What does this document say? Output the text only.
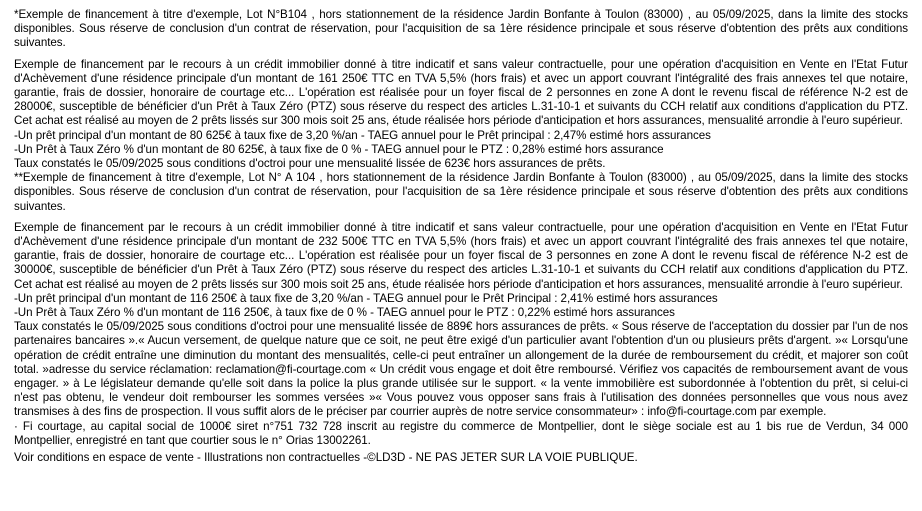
*Exemple de financement à titre d'exemple, Lot N°B104 , hors stationnement de la résidence Jardin Bonfante à Toulon (83000) , au 05/09/2025, dans la limite des stocks disponibles. Sous réserve de conclusion d'un contrat de réservation, pour l'acquisition de sa 1ère résidence principale et sous réserve d'obtention des prêts aux conditions suivantes.

Exemple de financement par le recours à un crédit immobilier donné à titre indicatif et sans valeur contractuelle, pour une opération d'acquisition en Vente en l'Etat Futur d'Achèvement d'une résidence principale d'un montant de 161 250€ TTC en TVA 5,5% (hors frais) et avec un apport couvrant l'intégralité des frais annexes tel que notaire, garantie, frais de dossier, honoraire de courtage etc... L'opération est réalisée pour un foyer fiscal de 2 personnes en zone A dont le revenu fiscal de référence N-2 est de 28000€, susceptible de bénéficier d'un Prêt à Taux Zéro (PTZ) sous réserve du respect des articles L.31-10-1 et suivants du CCH relatif aux conditions d'application du PTZ. Cet achat est réalisé au moyen de 2 prêts lissés sur 300 mois soit 25 ans, étude réalisée hors période d'anticipation et hors assurances, mensualité arrondie à l'euro supérieur.

-Un prêt principal d'un montant de 80 625€ à taux fixe de 3,20 %/an - TAEG annuel pour le Prêt principal : 2,47% estimé hors assurances

-Un Prêt à Taux Zéro % d'un montant de 80 625€, à taux fixe de 0 % - TAEG annuel pour le PTZ : 0,28% estimé hors assurance

Taux constatés le 05/09/2025 sous conditions d'octroi pour une mensualité lissée de 623€ hors assurances de prêts.

**Exemple de financement à titre d'exemple, Lot N° A 104 , hors stationnement de la résidence Jardin Bonfante à Toulon (83000) , au 05/09/2025, dans la limite des stocks disponibles. Sous réserve de conclusion d'un contrat de réservation, pour l'acquisition de sa 1ère résidence principale et sous réserve d'obtention des prêts aux conditions suivantes.

Exemple de financement par le recours à un crédit immobilier donné à titre indicatif et sans valeur contractuelle, pour une opération d'acquisition en Vente en l'Etat Futur d'Achèvement d'une résidence principale d'un montant de 232 500€ TTC en TVA 5,5% (hors frais) et avec un apport couvrant l'intégralité des frais annexes tel que notaire, garantie, frais de dossier, honoraire de courtage etc... L'opération est réalisée pour un foyer fiscal de 3 personnes en zone A dont le revenu fiscal de référence N-2 est de 30000€, susceptible de bénéficier d'un Prêt à Taux Zéro (PTZ) sous réserve du respect des articles L.31-10-1 et suivants du CCH relatif aux conditions d'application du PTZ. Cet achat est réalisé au moyen de 2 prêts lissés sur 300 mois soit 25 ans, étude réalisée hors période d'anticipation et hors assurances, mensualité arrondie à l'euro supérieur.

-Un prêt principal d'un montant de 116 250€ à taux fixe de 3,20 %/an - TAEG annuel pour le Prêt Principal : 2,41% estimé hors assurances

-Un Prêt à Taux Zéro % d'un montant de 116 250€, à taux fixe de 0 % - TAEG annuel pour le PTZ : 0,22% estimé hors assurances

Taux constatés le 05/09/2025 sous conditions d'octroi pour une mensualité lissée de 889€ hors assurances de prêts. « Sous réserve de l'acceptation du dossier par l'un de nos partenaires bancaires ».« Aucun versement, de quelque nature que ce soit, ne peut être exigé d'un particulier avant l'obtention d'un ou plusieurs prêts d'argent. »« Lorsqu'une opération de crédit entraîne une diminution du montant des mensualités, celle-ci peut entraîner un allongement de la durée de remboursement du crédit, et majorer son coût total. »adresse du service réclamation: reclamation@fi-courtage.com « Un crédit vous engage et doit être remboursé. Vérifiez vos capacités de remboursement avant de vous engager. » à Le législateur demande qu'elle soit dans la police la plus grande utilisée sur le support. « la vente immobilière est subordonnée à l'obtention du prêt, si celui-ci n'est pas obtenu, le vendeur doit rembourser les sommes versées »« Vous pouvez vous opposer sans frais à l'utilisation des données personnelles que vous nous avez transmises à des fins de prospection. Il vous suffit alors de le préciser par courrier auprès de notre service consommateur» : info@fi-courtage.com par exemple.

· Fi courtage, au capital social de 1000€ siret n°751 732 728 inscrit au registre du commerce de Montpellier, dont le siège sociale est au 1 bis rue de Verdun, 34 000 Montpellier, enregistré en tant que courtier sous le n° Orias 13002261.

Voir conditions en espace de vente - Illustrations non contractuelles -©LD3D - NE PAS JETER SUR LA VOIE PUBLIQUE.
